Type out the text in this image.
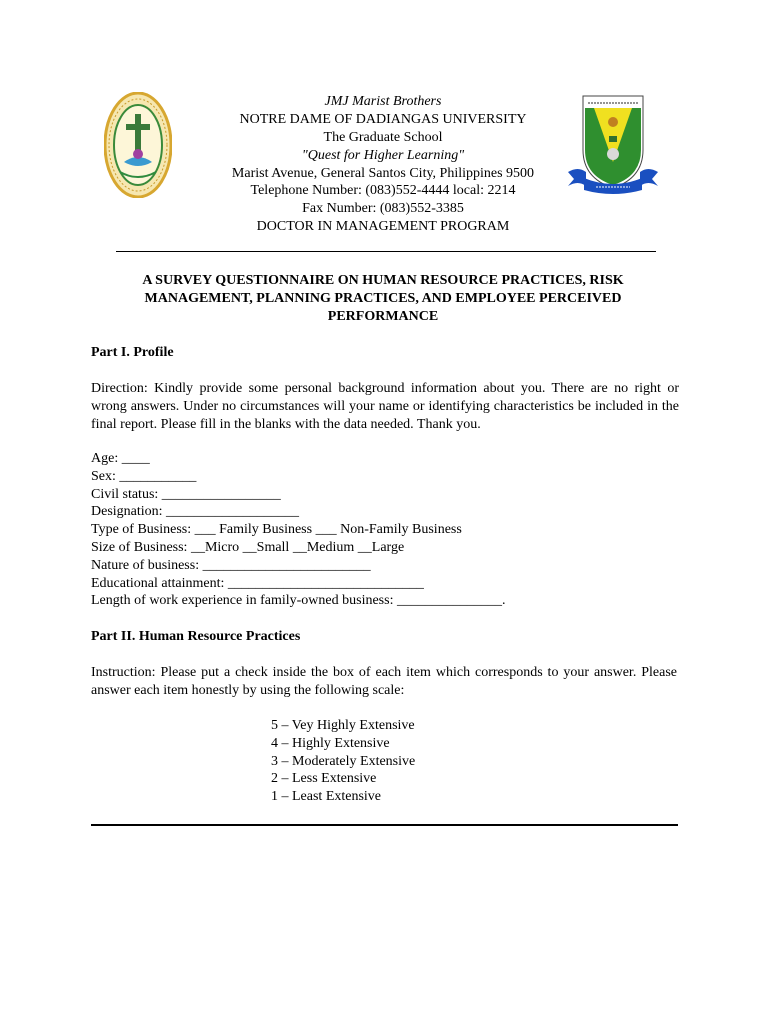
JMJ Marist Brothers
NOTRE DAME OF DADIANGAS UNIVERSITY
The Graduate School
"Quest for Higher Learning"
Marist Avenue, General Santos City, Philippines 9500
Telephone Number: (083)552-4444 local: 2214
Fax Number: (083)552-3385
DOCTOR IN MANAGEMENT PROGRAM
A SURVEY QUESTIONNAIRE ON HUMAN RESOURCE PRACTICES, RISK MANAGEMENT, PLANNING PRACTICES, AND EMPLOYEE PERCEIVED PERFORMANCE
Part I. Profile
Direction: Kindly provide some personal background information about you. There are no right or wrong answers. Under no circumstances will your name or identifying characteristics be included in the final report. Please fill in the blanks with the data needed. Thank you.
Age: ____
Sex: ___________
Civil status: _________________
Designation: ___________________
Type of Business: ___ Family Business ___ Non-Family Business
Size of Business: __Micro __Small __Medium __Large
Nature of business: ________________________
Educational attainment: ____________________________
Length of work experience in family-owned business: _______________.
Part II. Human Resource Practices
Instruction: Please put a check inside the box of each item which corresponds to your answer. Please answer each item honestly by using the following scale:
5 – Vey Highly Extensive
4 – Highly Extensive
3 – Moderately Extensive
2 – Less Extensive
1 – Least Extensive
